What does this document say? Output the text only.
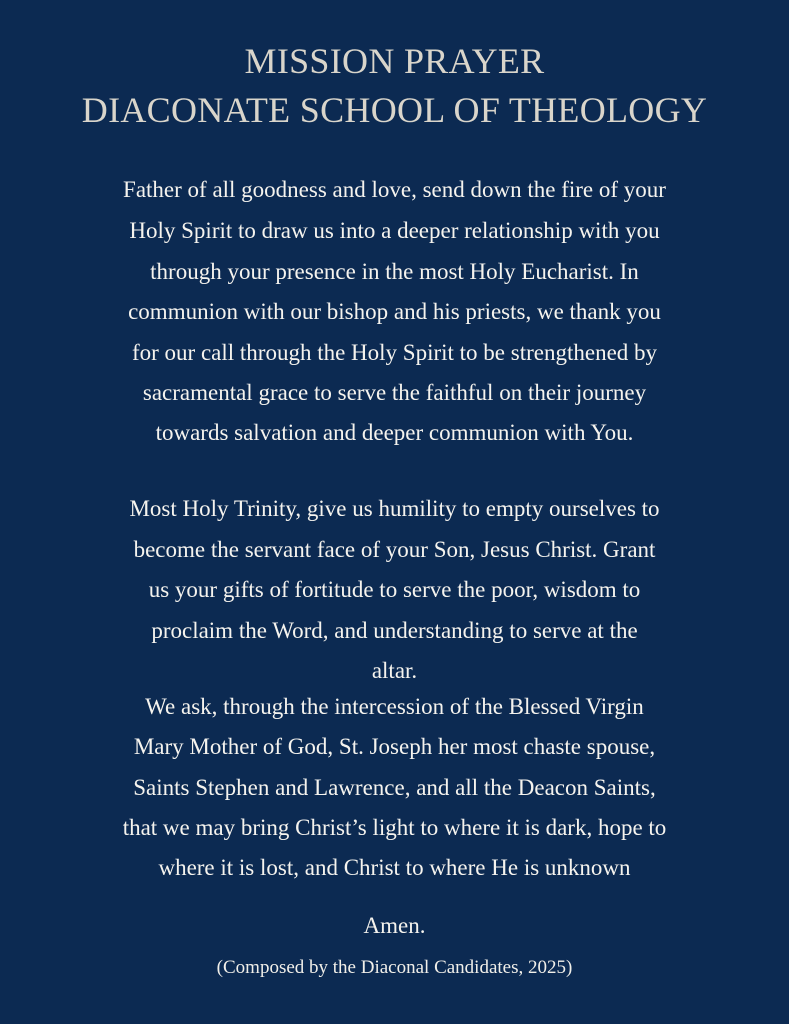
MISSION PRAYER
DIACONATE SCHOOL OF THEOLOGY
Father of all goodness and love, send down the fire of your
Holy Spirit to draw us into a deeper relationship with you
through your presence in the most Holy Eucharist. In
communion with our bishop and his priests, we thank you
for our call through the Holy Spirit to be strengthened by
sacramental grace to serve the faithful on their journey
towards salvation and deeper communion with You.
Most Holy Trinity, give us humility to empty ourselves to
become the servant face of your Son, Jesus Christ. Grant
us your gifts of fortitude to serve the poor, wisdom to
proclaim the Word, and understanding to serve at the
altar.
We ask, through the intercession of the Blessed Virgin
Mary Mother of God, St. Joseph her most chaste spouse,
Saints Stephen and Lawrence, and all the Deacon Saints,
that we may bring Christ’s light to where it is dark, hope to
where it is lost, and Christ to where He is unknown
Amen.
(Composed by the Diaconal Candidates, 2025)
